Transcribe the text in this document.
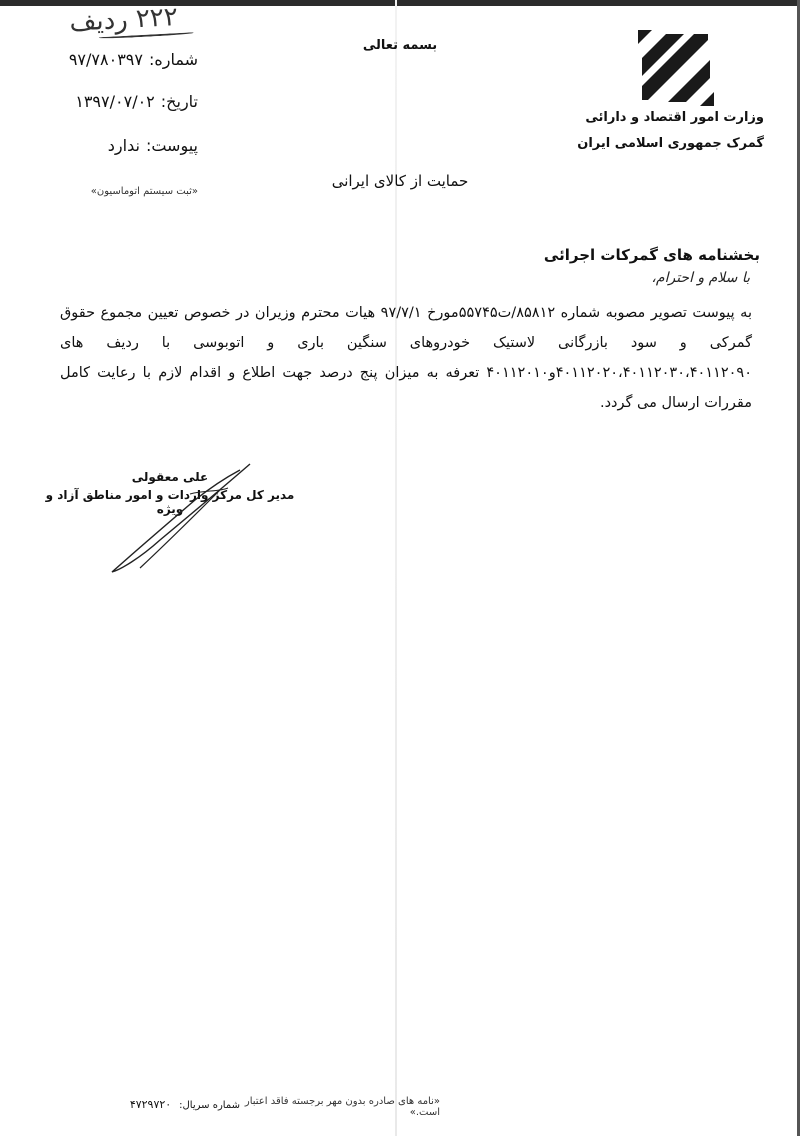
۲۲۲ ردیف
بسمه تعالی
وزارت امور اقتصاد و دارائی
گمرک جمهوری اسلامی ایران
شماره:۹۷/۷۸۰۳۹۷
تاریخ:۱۳۹۷/۰۷/۰۲
پیوست:ندارد
«ثبت سیستم اتوماسیون»
حمایت از کالای ایرانی
بخشنامه های گمرکات اجرائی
با سلام و احترام،

به پیوست تصویر مصوبه شماره ۸۵۸۱۲/ت۵۵۷۴۵مورخ ۹۷/۷/۱ هیات محترم وزیران در خصوص تعیین مجموع حقوق گمرکی و سود بازرگانی لاستیک خودروهای سنگین باری و اتوبوسی با ردیف های ۴۰۱۱۲۰۲۰،۴۰۱۱۲۰۳۰،۴۰۱۱۲۰۹۰و۴۰۱۱۲۰۱۰ تعرفه به میزان پنج درصد جهت اطلاع و اقدام لازم با رعایت کامل مقررات ارسال می گردد.

علی معقولی
مدیر کل مرکز واردات و امور مناطق آزاد و ویژه
«نامه های صادره بدون مهر برجسته فاقد اعتبار است.»
شماره سریال:۴۷۲۹۷۲۰
